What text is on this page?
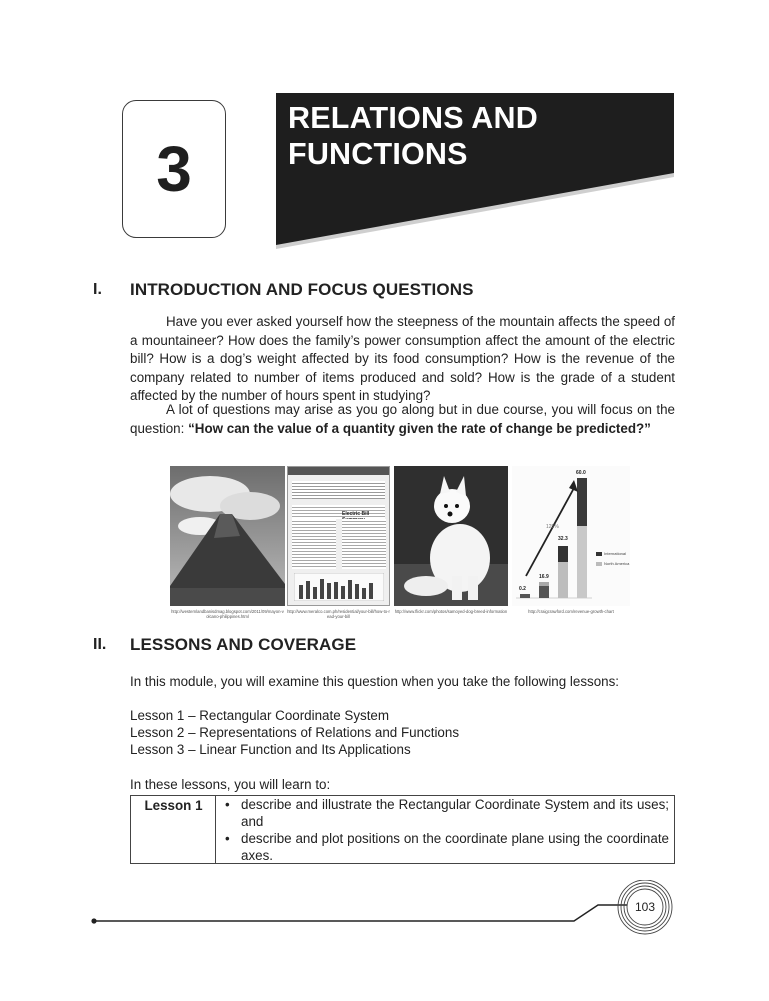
3
RELATIONS AND
FUNCTIONS
I. INTRODUCTION AND FOCUS QUESTIONS

Have you ever asked yourself how the steepness of the mountain affects the speed of a mountaineer? How does the family’s power consumption affect the amount of the electric bill? How is a dog’s weight affected by its food consumption? How is the revenue of the company related to number of items produced and sold? How is the grade of a student affected by the number of hours spent in studying?

A lot of questions may arise as you go along but in due course, you will focus on the question: “How can the value of a quantity given the rate of change be predicted?”

http://westernlandbanisdmag.blogspot.com/2011/09/mayon-volcano-philippines.html
Electric Bill
http://www.meralco.com.ph/residential/your-bill/how-to-read-your-bill
http://www.flickr.com/photos/samoyed-dog-breed-information
60.0
32.3
16.9
0.2
125%
International
North America
http://craigcrawford.com/revenue-growth-chart
II. LESSONS AND COVERAGE
In this module, you will examine this question when you take the following lessons:
Lesson 1 – Rectangular Coordinate System
Lesson 2 – Representations of Relations and Functions
Lesson 3 – Linear Function and Its Applications
In these lessons, you will learn to:
Lesson 1	• describe and illustrate the Rectangular Coordinate System and its uses; and
• describe and plot positions on the coordinate plane using the coordinate axes.
103
